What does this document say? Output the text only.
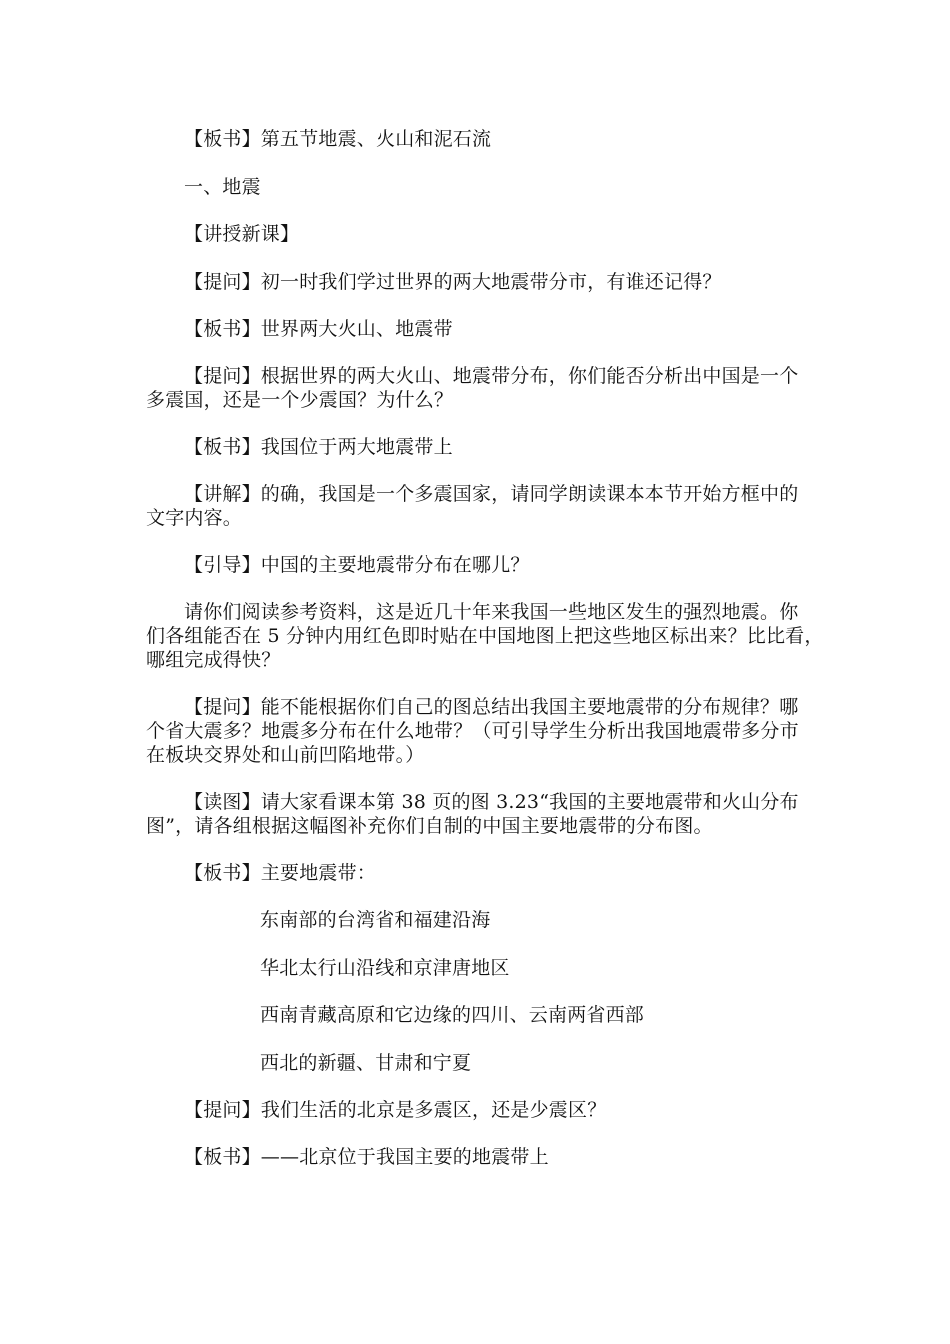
【板书】第五节地震、火山和泥石流
一、地震
【讲授新课】
【提问】初一时我们学过世界的两大地震带分市，有谁还记得？
【板书】世界两大火山、地震带
【提问】根据世界的两大火山、地震带分布，你们能否分析出中国是一个
多震国，还是一个少震国？为什么？
【板书】我国位于两大地震带上
【讲解】的确，我国是一个多震国家，请同学朗读课本本节开始方框中的
文字内容。
【引导】中国的主要地震带分布在哪儿？
请你们阅读参考资料，这是近几十年来我国一些地区发生的强烈地震。你
们各组能否在 5 分钟内用红色即时贴在中国地图上把这些地区标出来？比比看，
哪组完成得快？
【提问】能不能根据你们自己的图总结出我国主要地震带的分布规律？哪
个省大震多？地震多分布在什么地带？（可引导学生分析出我国地震带多分市
在板块交界处和山前凹陷地带。）
【读图】请大家看课本第 38 页的图 3.23“我国的主要地震带和火山分布
图”，请各组根据这幅图补充你们自制的中国主要地震带的分布图。
【板书】主要地震带：
东南部的台湾省和福建沿海
华北太行山沿线和京津唐地区
西南青藏高原和它边缘的四川、云南两省西部
西北的新疆、甘肃和宁夏
【提问】我们生活的北京是多震区，还是少震区？
【板书】——北京位于我国主要的地震带上
